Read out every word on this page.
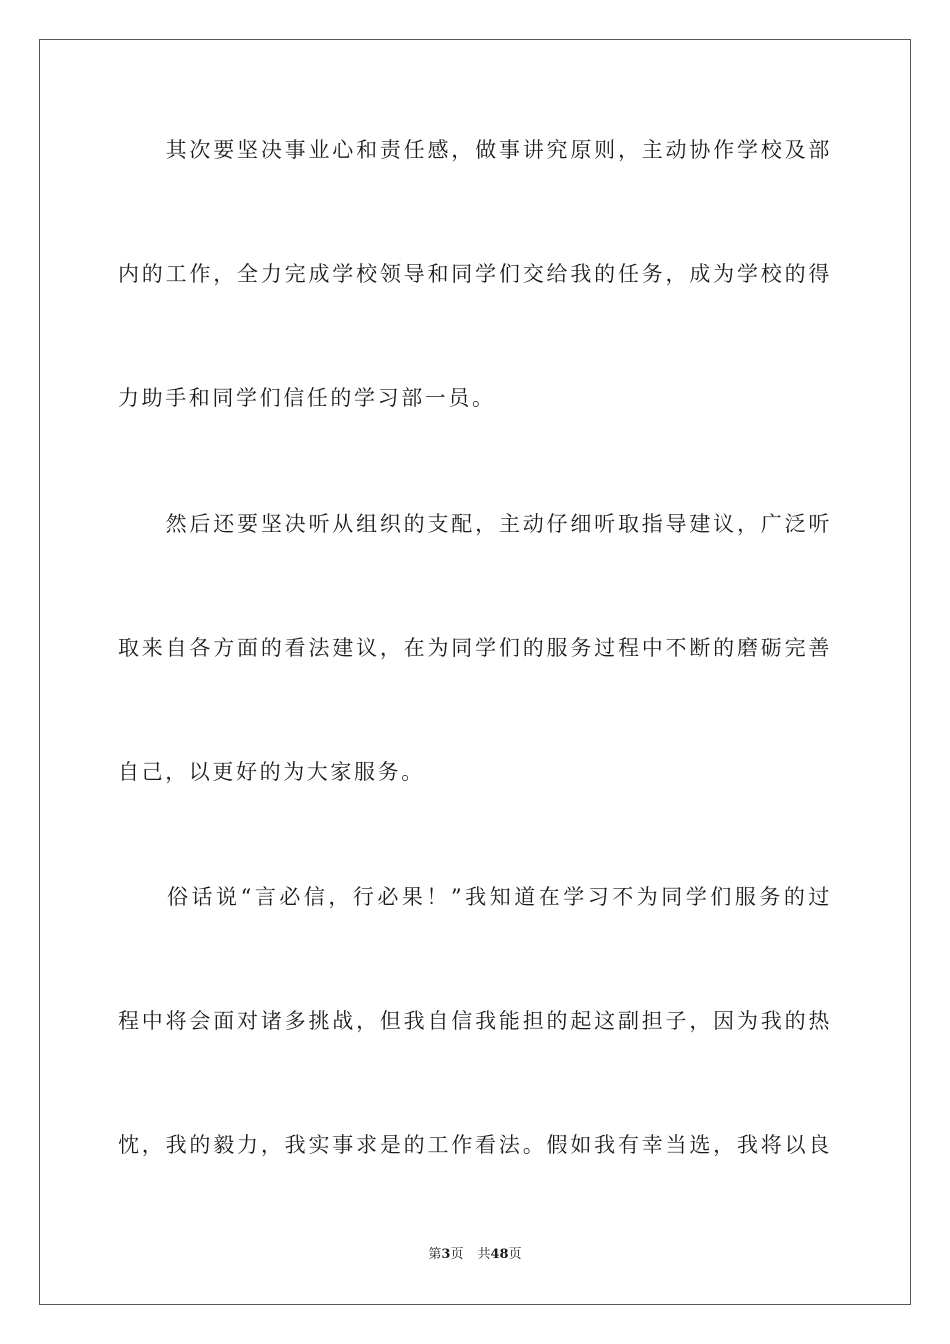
　　其次要坚决事业心和责任感，做事讲究原则，主动协作学校及部
内的工作，全力完成学校领导和同学们交给我的任务，成为学校的得
力助手和同学们信任的学习部一员。
　　然后还要坚决听从组织的支配，主动仔细听取指导建议，广泛听
取来自各方面的看法建议，在为同学们的服务过程中不断的磨砺完善
自己，以更好的为大家服务。
　　俗话说“言必信，行必果！”我知道在学习不为同学们服务的过
程中将会面对诸多挑战，但我自信我能担的起这副担子，因为我的热
忱，我的毅力，我实事求是的工作看法。假如我有幸当选，我将以良
第3页 共48页
